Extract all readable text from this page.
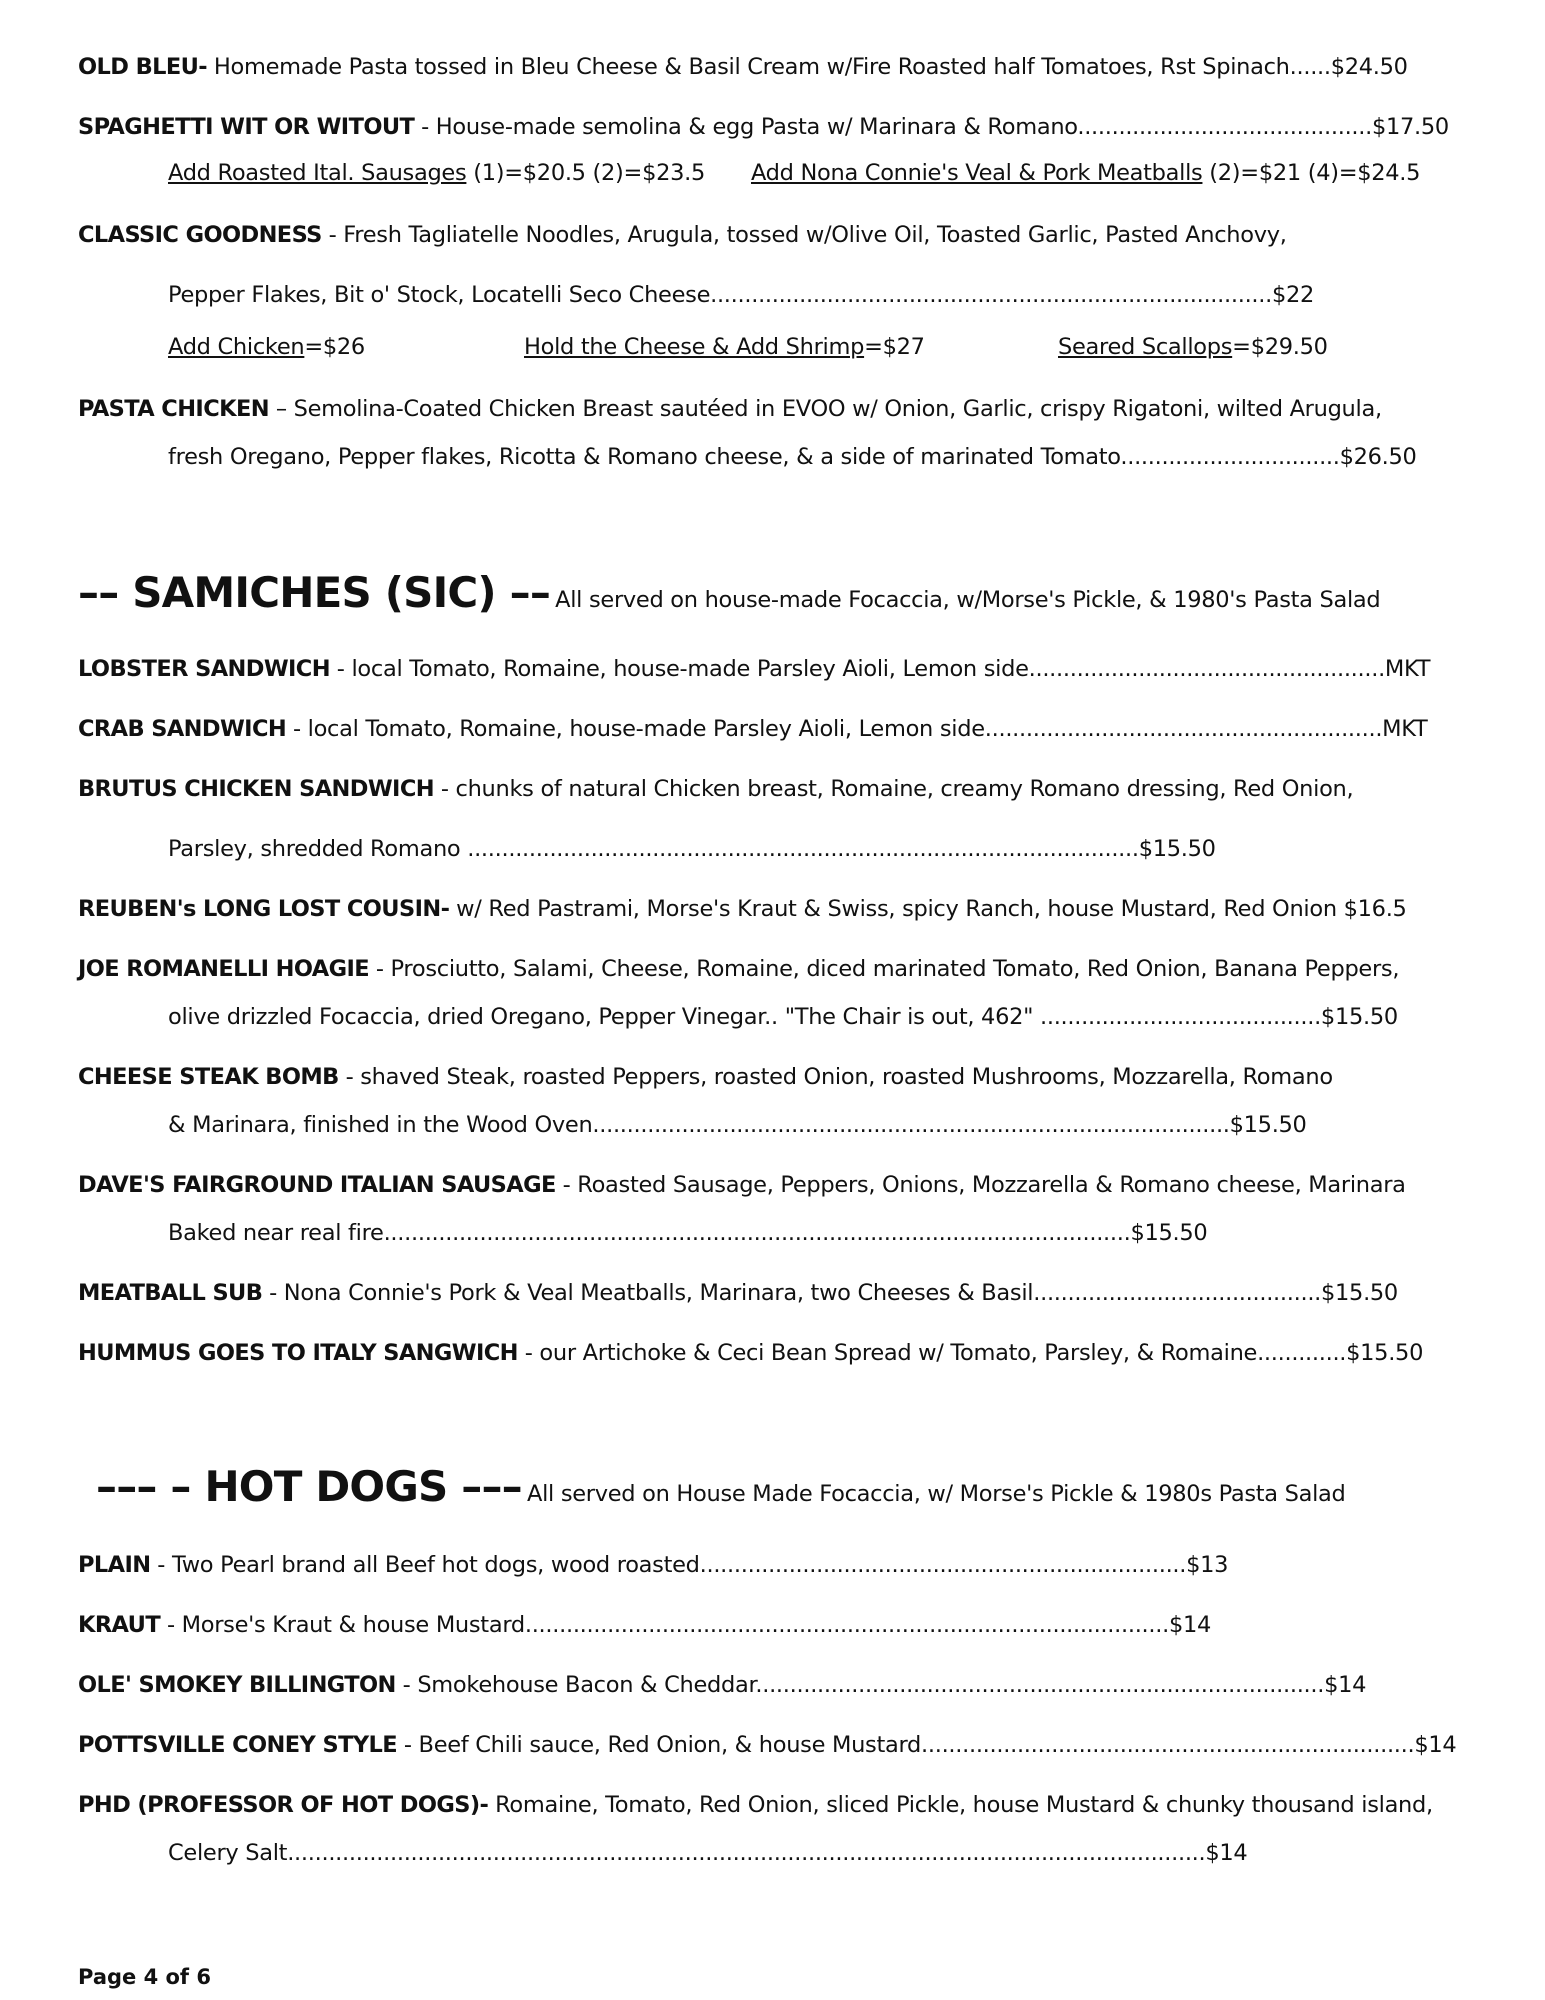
OLD BLEU- Homemade Pasta tossed in Bleu Cheese & Basil Cream w/Fire Roasted half Tomatoes, Rst Spinach......$24.50
SPAGHETTI WIT OR WITOUT - House-made semolina & egg Pasta w/ Marinara & Romano...........................................$17.50
Add Roasted Ital. Sausages (1)=$20.5 (2)=$23.5 Add Nona Connie's Veal & Pork Meatballs (2)=$21 (4)=$24.5
CLASSIC GOODNESS - Fresh Tagliatelle Noodles, Arugula, tossed w/Olive Oil, Toasted Garlic, Pasted Anchovy,
Pepper Flakes, Bit o' Stock, Locatelli Seco Cheese..................................................................................$22
Add Chicken=$26	Hold the Cheese & Add Shrimp=$27	Seared Scallops=$29.50
PASTA CHICKEN – Semolina-Coated Chicken Breast sautéed in EVOO w/ Onion, Garlic, crispy Rigatoni, wilted Arugula,
fresh Oregano, Pepper flakes, Ricotta & Romano cheese, & a side of marinated Tomato................................$26.50
–– SAMICHES (SIC) –– All served on house-made Focaccia, w/Morse's Pickle, & 1980's Pasta Salad
LOBSTER SANDWICH - local Tomato, Romaine, house-made Parsley Aioli, Lemon side....................................................MKT
CRAB SANDWICH - local Tomato, Romaine, house-made Parsley Aioli, Lemon side..........................................................MKT
BRUTUS CHICKEN SANDWICH - chunks of natural Chicken breast, Romaine, creamy Romano dressing, Red Onion,
Parsley, shredded Romano ..................................................................................................$15.50
REUBEN's LONG LOST COUSIN- w/ Red Pastrami, Morse's Kraut & Swiss, spicy Ranch, house Mustard, Red Onion $16.5
JOE ROMANELLI HOAGIE - Prosciutto, Salami, Cheese, Romaine, diced marinated Tomato, Red Onion, Banana Peppers,
olive drizzled Focaccia, dried Oregano, Pepper Vinegar.. "The Chair is out, 462" .........................................$15.50
CHEESE STEAK BOMB - shaved Steak, roasted Peppers, roasted Onion, roasted Mushrooms, Mozzarella, Romano
& Marinara, finished in the Wood Oven.............................................................................................$15.50
DAVE'S FAIRGROUND ITALIAN SAUSAGE - Roasted Sausage, Peppers, Onions, Mozzarella & Romano cheese, Marinara
Baked near real fire.............................................................................................................$15.50
MEATBALL SUB - Nona Connie's Pork & Veal Meatballs, Marinara, two Cheeses & Basil..........................................$15.50
HUMMUS GOES TO ITALY SANGWICH - our Artichoke & Ceci Bean Spread w/ Tomato, Parsley, & Romaine.............$15.50
––– – HOT DOGS ––– All served on House Made Focaccia, w/ Morse's Pickle & 1980s Pasta Salad
PLAIN - Two Pearl brand all Beef hot dogs, wood roasted.......................................................................$13
KRAUT - Morse's Kraut & house Mustard..............................................................................................$14
OLE' SMOKEY BILLINGTON - Smokehouse Bacon & Cheddar...................................................................................$14
POTTSVILLE CONEY STYLE - Beef Chili sauce, Red Onion, & house Mustard........................................................................$14
PHD (PROFESSOR OF HOT DOGS)- Romaine, Tomato, Red Onion, sliced Pickle, house Mustard & chunky thousand island,
Celery Salt......................................................................................................................................$14
Page 4 of 6
